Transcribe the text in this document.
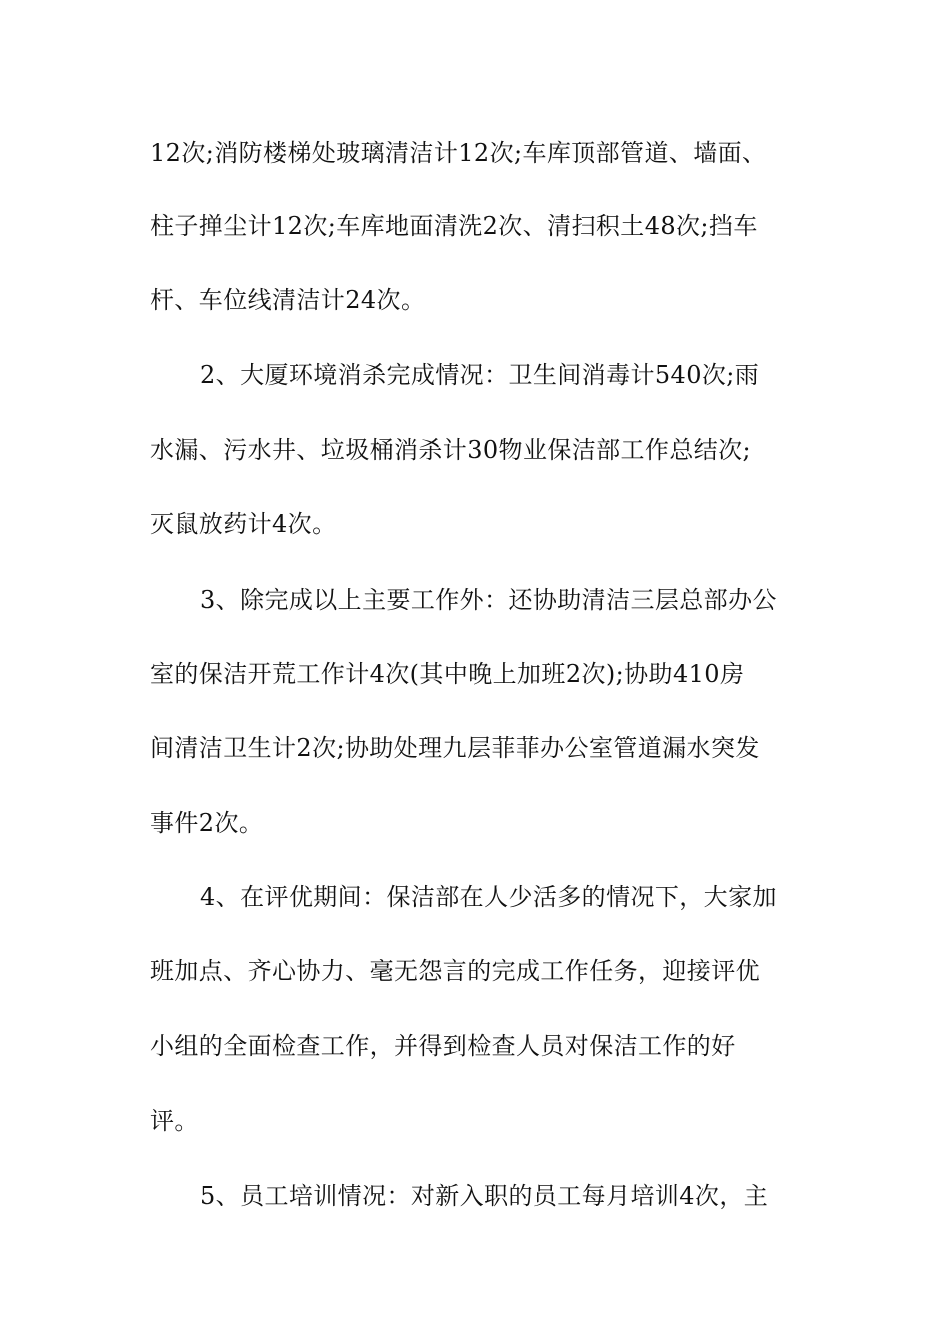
12次;消防楼梯处玻璃清洁计12次;车库顶部管道、墙面、
柱子掸尘计12次;车库地面清洗2次、清扫积土48次;挡车
杆、车位线清洁计24次。
2、大厦环境消杀完成情况：卫生间消毒计540次;雨
水漏、污水井、垃圾桶消杀计30物业保洁部工作总结次;
灭鼠放药计4次。
3、除完成以上主要工作外：还协助清洁三层总部办公
室的保洁开荒工作计4次(其中晚上加班2次);协助410房
间清洁卫生计2次;协助处理九层菲菲办公室管道漏水突发
事件2次。
4、在评优期间：保洁部在人少活多的情况下，大家加
班加点、齐心协力、毫无怨言的完成工作任务，迎接评优
小组的全面检查工作，并得到检查人员对保洁工作的好
评。
5、员工培训情况：对新入职的员工每月培训4次，主
